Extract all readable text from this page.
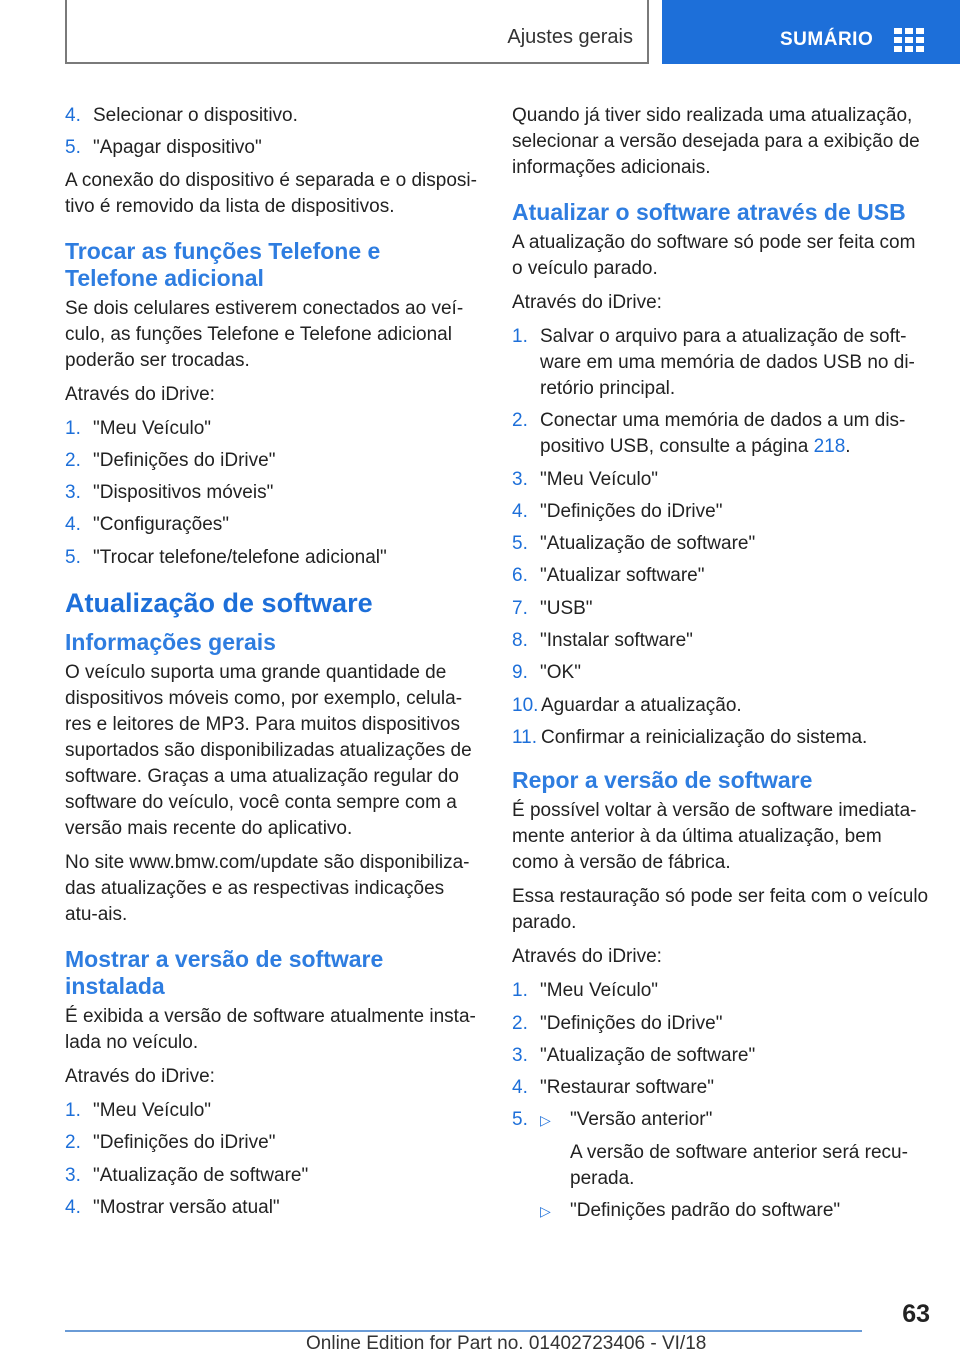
Ajustes gerais	SUMÁRIO
4. Selecionar o dispositivo.
5. "Apagar dispositivo"

A conexão do dispositivo é separada e o disposi-tivo é removido da lista de dispositivos.

Trocar as funções Telefone e Telefone adicional

Se dois celulares estiverem conectados ao veí-culo, as funções Telefone e Telefone adicional poderão ser trocadas.

Através do iDrive:

1. "Meu Veículo"
2. "Definições do iDrive"
3. "Dispositivos móveis"
4. "Configurações"
5. "Trocar telefone/telefone adicional"
Atualização de software
Informações gerais

O veículo suporta uma grande quantidade de dispositivos móveis como, por exemplo, celula-res e leitores de MP3. Para muitos dispositivos suportados são disponibilizadas atualizações de software. Graças a uma atualização regular do software do veículo, você conta sempre com a versão mais recente do aplicativo.

No site www.bmw.com/update são disponibiliza-das atualizações e as respectivas indicações atu-ais.

Mostrar a versão de software instalada

É exibida a versão de software atualmente insta-lada no veículo.

Através do iDrive:

1. "Meu Veículo"
2. "Definições do iDrive"
3. "Atualização de software"
4. "Mostrar versão atual"

Quando já tiver sido realizada uma atualização, selecionar a versão desejada para a exibição de informações adicionais.

Atualizar o software através de USB

A atualização do software só pode ser feita com o veículo parado.

Através do iDrive:

1. Salvar o arquivo para a atualização de soft-ware em uma memória de dados USB no di-retório principal.
2. Conectar uma memória de dados a um dis-positivo USB, consulte a página 218.
3. "Meu Veículo"
4. "Definições do iDrive"
5. "Atualização de software"
6. "Atualizar software"
7. "USB"
8. "Instalar software"
9. "OK"
10. Aguardar a atualização.
11. Confirmar a reinicialização do sistema.
Repor a versão de software

É possível voltar à versão de software imediata-mente anterior à da última atualização, bem como à versão de fábrica.

Essa restauração só pode ser feita com o veículo parado.

Através do iDrive:

1. "Meu Veículo"
2. "Definições do iDrive"
3. "Atualização de software"
4. "Restaurar software"
5. ▷	"Versão anterior"
A versão de software anterior será recu-perada.
▷	"Definições padrão do software"
63
Online Edition for Part no. 01402723406 - VI/18
